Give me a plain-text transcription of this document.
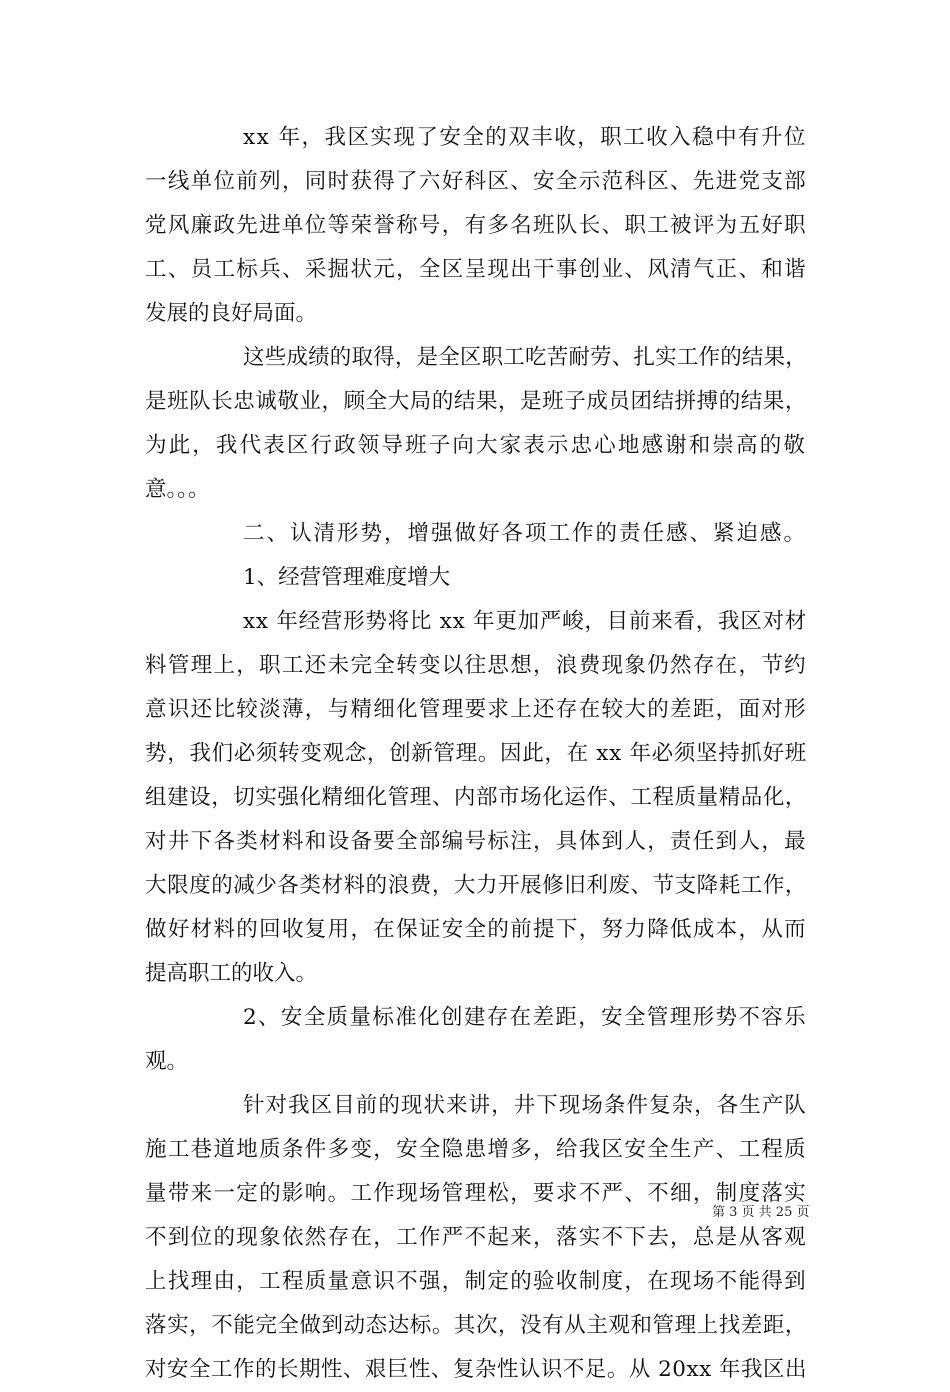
xx 年，我区实现了安全的双丰收，职工收入稳中有升位
一线单位前列，同时获得了六好科区、安全示范科区、先进党支部
党风廉政先进单位等荣誉称号，有多名班队长、职工被评为五好职
工、员工标兵、采掘状元，全区呈现出干事创业、风清气正、和谐
发展的良好局面。
这些成绩的取得，是全区职工吃苦耐劳、扎实工作的结果，
是班队长忠诚敬业，顾全大局的结果，是班子成员团结拼搏的结果，
为此，我代表区行政领导班子向大家表示忠心地感谢和崇高的敬
意。。。
二、认清形势，增强做好各项工作的责任感、紧迫感。
1、经营管理难度增大
xx 年经营形势将比 xx 年更加严峻，目前来看，我区对材
料管理上，职工还未完全转变以往思想，浪费现象仍然存在，节约
意识还比较淡薄，与精细化管理要求上还存在较大的差距，面对形
势，我们必须转变观念，创新管理。因此，在 xx 年必须坚持抓好班
组建设，切实强化精细化管理、内部市场化运作、工程质量精品化，
对井下各类材料和设备要全部编号标注，具体到人，责任到人，最
大限度的减少各类材料的浪费，大力开展修旧利废、节支降耗工作，
做好材料的回收复用，在保证安全的前提下，努力降低成本，从而
提高职工的收入。
2、安全质量标准化创建存在差距，安全管理形势不容乐
观。
针对我区目前的现状来讲，井下现场条件复杂，各生产队
施工巷道地质条件多变，安全隐患增多，给我区安全生产、工程质
量带来一定的影响。工作现场管理松，要求不严、不细，制度落实
不到位的现象依然存在，工作严不起来，落实不下去，总是从客观
上找理由，工程质量意识不强，制定的验收制度，在现场不能得到
落实，不能完全做到动态达标。其次，没有从主观和管理上找差距，
对安全工作的长期性、艰巨性、复杂性认识不足。从 20xx 年我区出
第 3 页 共 25 页
